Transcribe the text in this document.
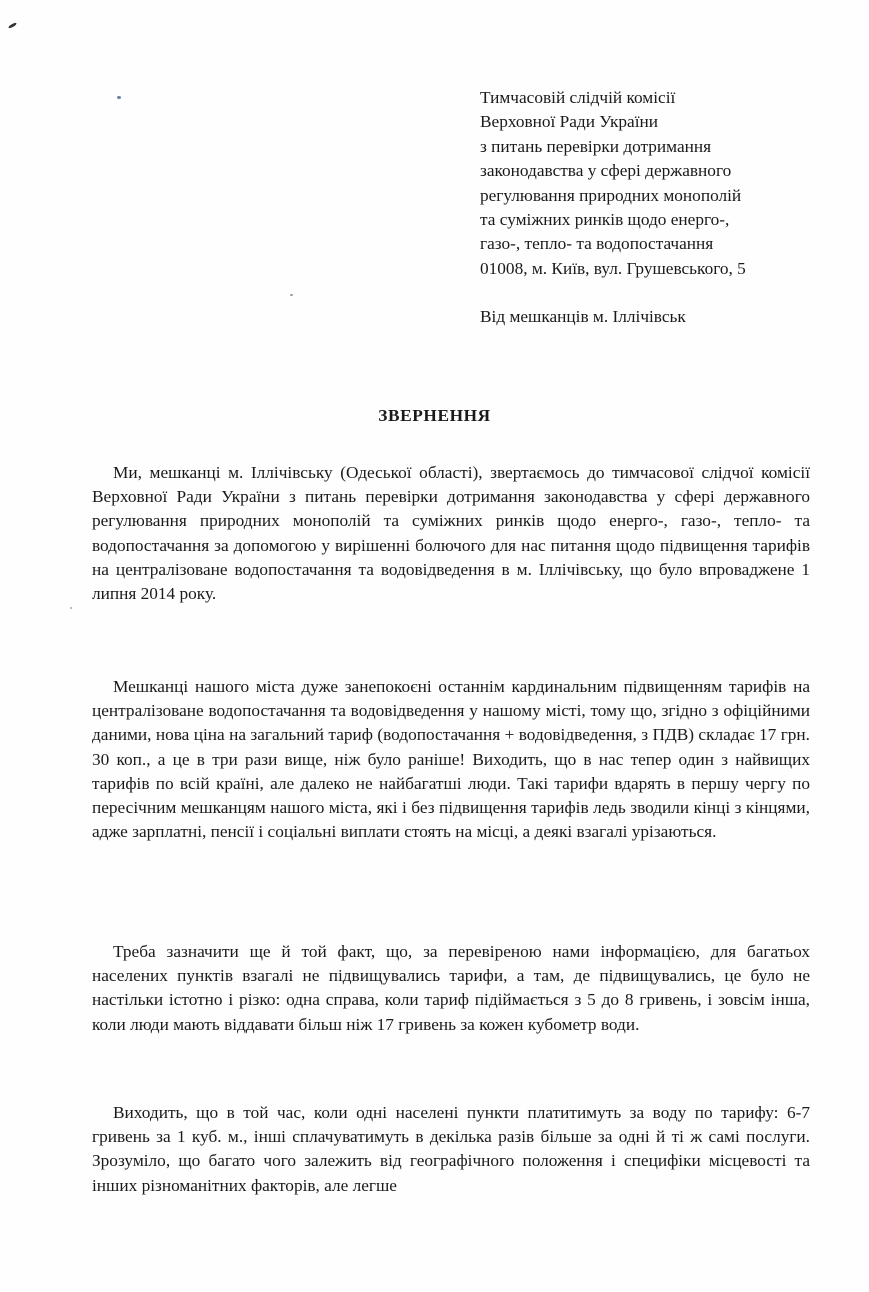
Тимчасовій слідчій комісії
Верховної Ради України
з питань перевірки дотримання
законодавства у сфері державного
регулювання природних монополій
та суміжних ринків щодо енерго-,
газо-, тепло- та водопостачання
01008, м. Київ, вул. Грушевського, 5
Від мешканців м. Іллічівськ
ЗВЕРНЕННЯ

Ми, мешканці м. Іллічівську (Одеської області), звертаємось до тимчасової слідчої комісії Верховної Ради України з питань перевірки дотримання законодавства у сфері державного регулювання природних монополій та суміжних ринків щодо енерго-, газо-, тепло- та водопостачання за допомогою у вирішенні болючого для нас питання щодо підвищення тарифів на централізоване водопостачання та водовідведення в м. Іллічівську, що було впроваджене 1 липня 2014 року.

Мешканці нашого міста дуже занепокоєні останнім кардинальним підвищенням тарифів на централізоване водопостачання та водовідведення у нашому місті, тому що, згідно з офіційними даними, нова ціна на загальний тариф (водопостачання + водовідведення, з ПДВ) складає 17 грн. 30 коп., а це в три рази вище, ніж було раніше! Виходить, що в нас тепер один з найвищих тарифів по всій країні, але далеко не найбагатші люди. Такі тарифи вдарять в першу чергу по пересічним мешканцям нашого міста, які і без підвищення тарифів ледь зводили кінці з кінцями, адже зарплатні, пенсії і соціальні виплати стоять на місці, а деякі взагалі урізаються.

Треба зазначити ще й той факт, що, за перевіреною нами інформацією, для багатьох населених пунктів взагалі не підвищувались тарифи, а там, де підвищувались, це було не настільки істотно і різко: одна справа, коли тариф підіймається з 5 до 8 гривень, і зовсім інша, коли люди мають віддавати більш ніж 17 гривень за кожен кубометр води.

Виходить, що в той час, коли одні населені пункти платитимуть за воду по тарифу: 6-7 гривень за 1 куб. м., інші сплачуватимуть в декілька разів більше за одні й ті ж самі послуги. Зрозуміло, що багато чого залежить від географічного положення і специфіки місцевості та інших різноманітних факторів, але легше
